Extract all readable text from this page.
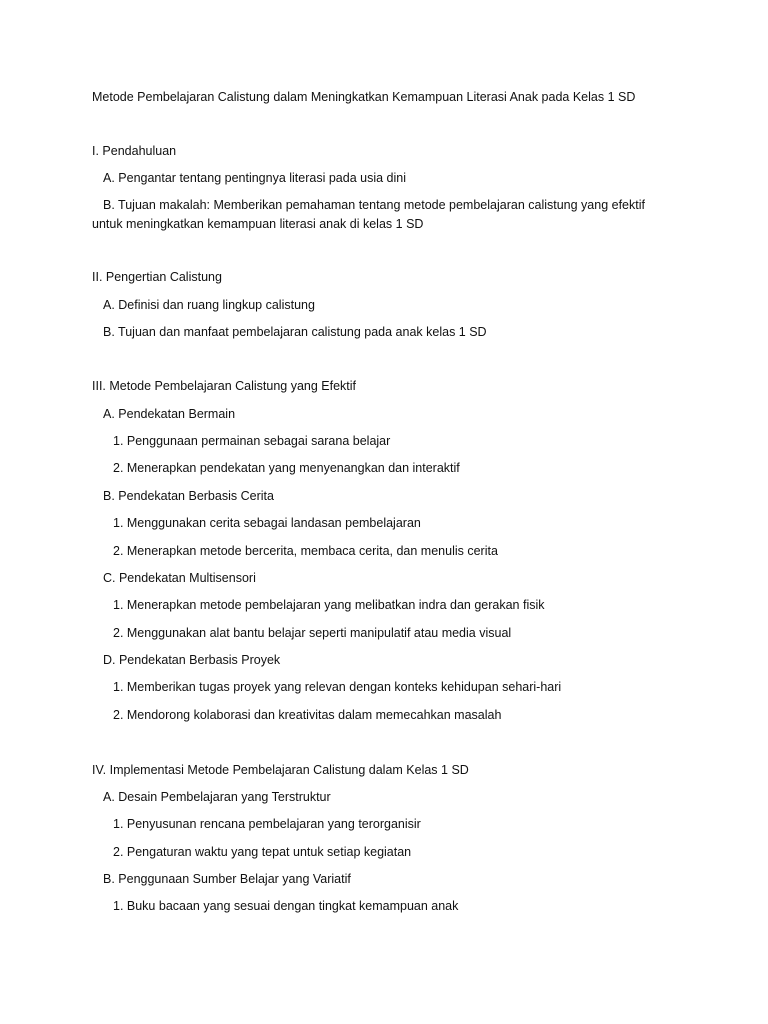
Metode Pembelajaran Calistung dalam Meningkatkan Kemampuan Literasi Anak pada Kelas 1 SD
I. Pendahuluan
A. Pengantar tentang pentingnya literasi pada usia dini
B. Tujuan makalah: Memberikan pemahaman tentang metode pembelajaran calistung yang efektif
untuk meningkatkan kemampuan literasi anak di kelas 1 SD
II. Pengertian Calistung
A. Definisi dan ruang lingkup calistung
B. Tujuan dan manfaat pembelajaran calistung pada anak kelas 1 SD
III. Metode Pembelajaran Calistung yang Efektif
A. Pendekatan Bermain
1. Penggunaan permainan sebagai sarana belajar
2. Menerapkan pendekatan yang menyenangkan dan interaktif
B. Pendekatan Berbasis Cerita
1. Menggunakan cerita sebagai landasan pembelajaran
2. Menerapkan metode bercerita, membaca cerita, dan menulis cerita
C. Pendekatan Multisensori
1. Menerapkan metode pembelajaran yang melibatkan indra dan gerakan fisik
2. Menggunakan alat bantu belajar seperti manipulatif atau media visual
D. Pendekatan Berbasis Proyek
1. Memberikan tugas proyek yang relevan dengan konteks kehidupan sehari-hari
2. Mendorong kolaborasi dan kreativitas dalam memecahkan masalah
IV. Implementasi Metode Pembelajaran Calistung dalam Kelas 1 SD
A. Desain Pembelajaran yang Terstruktur
1. Penyusunan rencana pembelajaran yang terorganisir
2. Pengaturan waktu yang tepat untuk setiap kegiatan
B. Penggunaan Sumber Belajar yang Variatif
1. Buku bacaan yang sesuai dengan tingkat kemampuan anak
